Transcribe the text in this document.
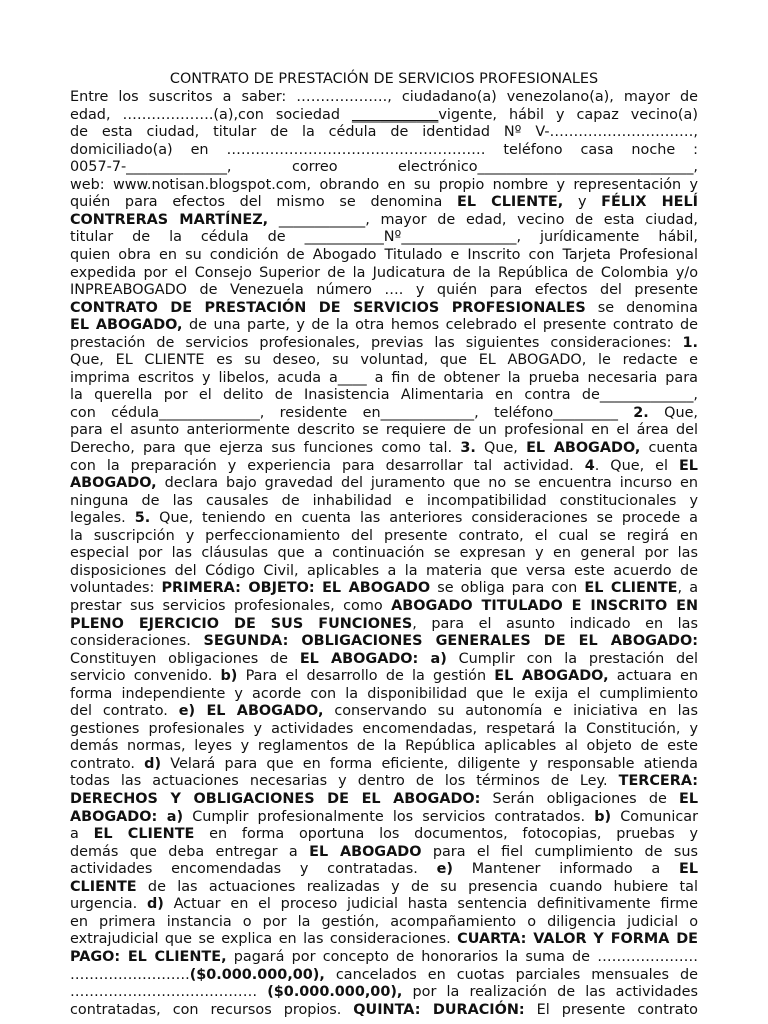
CONTRATO DE PRESTACIÓN DE SERVICIOS PROFESIONALES
Entre los suscritos a saber: ………………., ciudadano(a) venezolano(a), mayor de
edad, ……………….(a),con sociedad ____________vigente, hábil y capaz vecino(a)
de esta ciudad, titular de la cédula de identidad Nº V-…………………………,
domiciliado(a) en ……………………………………………… teléfono casa noche :
0057-7-______________, correo electrónico______________________________,
web: www.notisan.blogspot.com, obrando en su propio nombre y representación y
quién para efectos del mismo se denomina EL CLIENTE, y FÉLIX HELÍ
CONTRERAS MARTÍNEZ, ____________, mayor de edad, vecino de esta ciudad,
titular de la cédula de ___________Nº________________, jurídicamente hábil,
quien obra en su condición de Abogado Titulado e Inscrito con Tarjeta Profesional
expedida por el Consejo Superior de la Judicatura de la República de Colombia y/o
INPREABOGADO de Venezuela número …. y quién para efectos del presente
CONTRATO DE PRESTACIÓN DE SERVICIOS PROFESIONALES se denomina
EL ABOGADO, de una parte, y de la otra hemos celebrado el presente contrato de
prestación de servicios profesionales, previas las siguientes consideraciones: 1.
Que, EL CLIENTE es su deseo, su voluntad, que EL ABOGADO, le redacte e
imprima escritos y libelos, acuda a____ a fin de obtener la prueba necesaria para
la querella por el delito de Inasistencia Alimentaria en contra de_____________,
con cédula______________, residente en_____________, teléfono_________ 2. Que,
para el asunto anteriormente descrito se requiere de un profesional en el área del
Derecho, para que ejerza sus funciones como tal. 3. Que, EL ABOGADO, cuenta
con la preparación y experiencia para desarrollar tal actividad. 4. Que, el EL
ABOGADO, declara bajo gravedad del juramento que no se encuentra incurso en
ninguna de las causales de inhabilidad e incompatibilidad constitucionales y
legales. 5. Que, teniendo en cuenta las anteriores consideraciones se procede a
la suscripción y perfeccionamiento del presente contrato, el cual se regirá en
especial por las cláusulas que a continuación se expresan y en general por las
disposiciones del Código Civil, aplicables a la materia que versa este acuerdo de
voluntades: PRIMERA: OBJETO: EL ABOGADO se obliga para con EL CLIENTE, a
prestar sus servicios profesionales, como ABOGADO TITULADO E INSCRITO EN
PLENO EJERCICIO DE SUS FUNCIONES, para el asunto indicado en las
consideraciones. SEGUNDA: OBLIGACIONES GENERALES DE EL ABOGADO:
Constituyen obligaciones de EL ABOGADO: a) Cumplir con la prestación del
servicio convenido. b) Para el desarrollo de la gestión EL ABOGADO, actuara en
forma independiente y acorde con la disponibilidad que le exija el cumplimiento
del contrato. e) EL ABOGADO, conservando su autonomía e iniciativa en las
gestiones profesionales y actividades encomendadas, respetará la Constitución, y
demás normas, leyes y reglamentos de la República aplicables al objeto de este
contrato. d) Velará para que en forma eficiente, diligente y responsable atienda
todas las actuaciones necesarias y dentro de los términos de Ley. TERCERA:
DERECHOS Y OBLIGACIONES DE EL ABOGADO: Serán obligaciones de EL
ABOGADO: a) Cumplir profesionalmente los servicios contratados. b) Comunicar
a EL CLIENTE en forma oportuna los documentos, fotocopias, pruebas y
demás que deba entregar a EL ABOGADO para el fiel cumplimiento de sus
actividades encomendadas y contratadas. e) Mantener informado a EL
CLIENTE de las actuaciones realizadas y de su presencia cuando hubiere tal
urgencia. d) Actuar en el proceso judicial hasta sentencia definitivamente firme
en primera instancia o por la gestión, acompañamiento o diligencia judicial o
extrajudicial que se explica en las consideraciones. CUARTA: VALOR Y FORMA DE
PAGO: EL CLIENTE, pagará por concepto de honorarios la suma de …………………
…………………….($0.000.000,00), cancelados en cuotas parciales mensuales de
………………………………… ($0.000.000,00), por la realización de las actividades
contratadas, con recursos propios. QUINTA: DURACIÓN: El presente contrato
